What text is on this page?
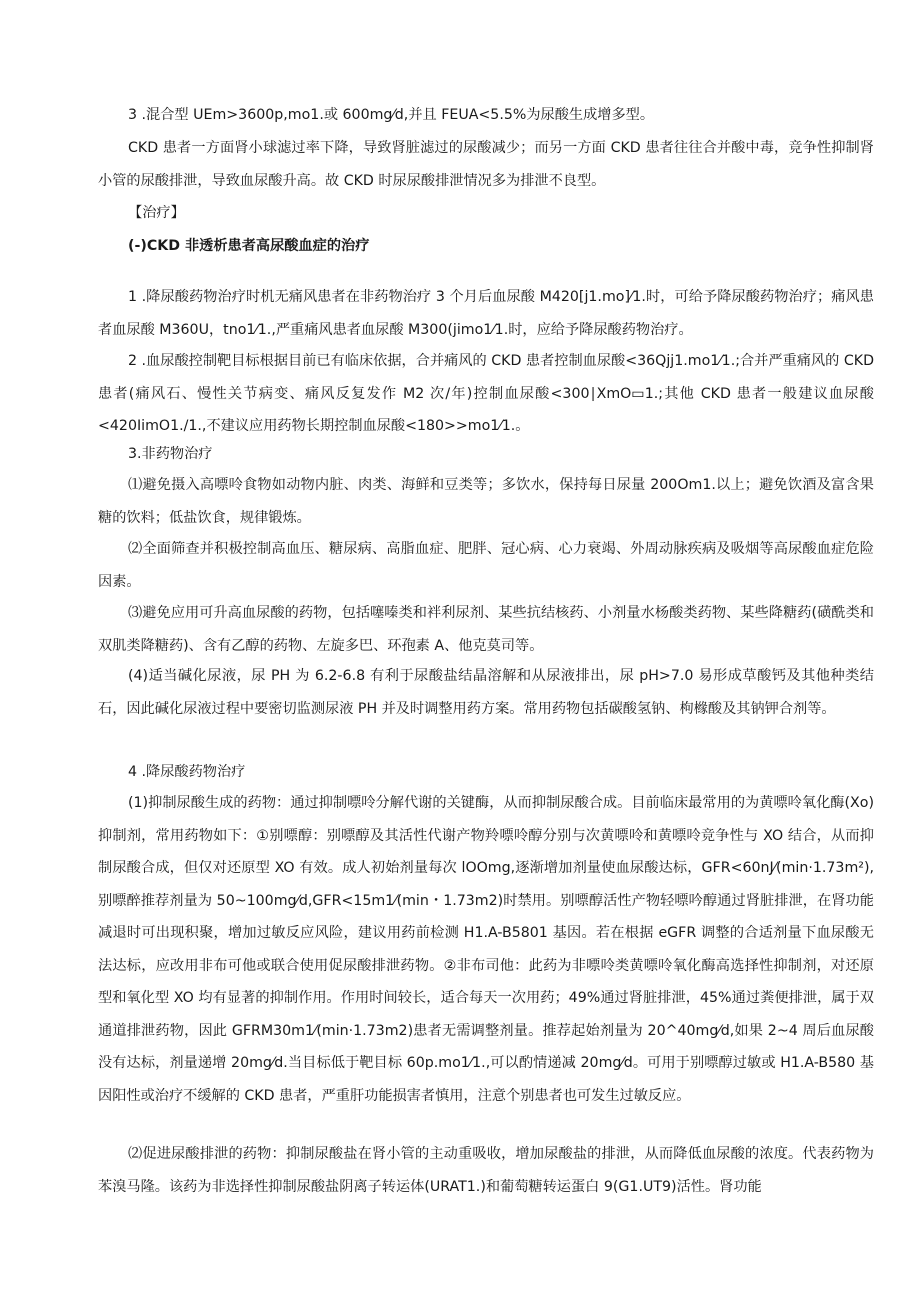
3 .混合型 UEm>3600p,mo1.或 600mg⁄d,并且 FEUA<5.5%为尿酸生成增多型。

CKD 患者一方面肾小球滤过率下降，导致肾脏滤过的尿酸减少；而另一方面 CKD 患者往往合并酸中毒，竞争性抑制肾小管的尿酸排泄，导致血尿酸升高。故 CKD 时尿尿酸排泄情况多为排泄不良型。

【治疗】

(-)CKD 非透析患者高尿酸血症的治疗

1 .降尿酸药物治疗时机无痛风患者在非药物治疗 3 个月后血尿酸 M420[j1.mo]⁄1.时，可给予降尿酸药物治疗；痛风患者血尿酸 M360U，tno1⁄1.,严重痛风患者血尿酸 M300(jimo1⁄1.时，应给予降尿酸药物治疗。

2 .血尿酸控制靶目标根据目前已有临床依据，合并痛风的 CKD 患者控制血尿酸<36Qjj1.mo1⁄1.;合并严重痛风的 CKD 患者(痛风石、慢性关节病变、痛风反复发作 M2 次/年)控制血尿酸<300∣XmO▭1.;其他 CKD 患者一般建议血尿酸<420IimO1./1.,不建议应用药物长期控制血尿酸<180>>mo1⁄1.。

3.非药物治疗

⑴避免摄入高嘌呤食物如动物内脏、肉类、海鲜和豆类等；多饮水，保持每日尿量 200Om1.以上；避免饮酒及富含果糖的饮料；低盐饮食，规律锻炼。

⑵全面筛查并积极控制高血压、糖尿病、高脂血症、肥胖、冠心病、心力衰竭、外周动脉疾病及吸烟等高尿酸血症危险因素。

⑶避免应用可升高血尿酸的药物，包括噻嗪类和袢利尿剂、某些抗结核药、小剂量水杨酸类药物、某些降糖药(磺酰类和双肌类降糖药)、含有乙醇的药物、左旋多巴、环孢素 A、他克莫司等。

(4)适当碱化尿液，尿 PH 为 6.2-6.8 有利于尿酸盐结晶溶解和从尿液排出，尿 pH>7.0 易形成草酸钙及其他种类结石，因此碱化尿液过程中要密切监测尿液 PH 并及时调整用药方案。常用药物包括碳酸氢钠、枸橼酸及其钠钾合剂等。

4 .降尿酸药物治疗

(1)抑制尿酸生成的药物：通过抑制嘌呤分解代谢的关键酶，从而抑制尿酸合成。目前临床最常用的为黄嘌呤氧化酶(Xo)抑制剂，常用药物如下：①别嘌醇：别嘌醇及其活性代谢产物羚嘌呤醇分别与次黄嘌呤和黄嘌呤竞争性与 XO 结合，从而抑制尿酸合成，但仅对还原型 XO 有效。成人初始剂量每次 lOOmg,逐渐增加剂量使血尿酸达标，GFR<60nJ⁄(min·1.73m²),别嘌醉推荐剂量为 50~100mg⁄d,GFR<15m1⁄(min・1.73m2)时禁用。别嘌醇活性产物轻嘌吟醇通过肾脏排泄，在肾功能减退时可出现积聚，增加过敏反应风险，建议用药前检测 H1.A-B5801 基因。若在根据 eGFR 调整的合适剂量下血尿酸无法达标，应改用非布可他或联合使用促尿酸排泄药物。②非布司他：此药为非嘌呤类黄嘌呤氧化酶高选择性抑制剂，对还原型和氧化型 XO 均有显著的抑制作用。作用时间较长，适合每天一次用药；49%通过肾脏排泄，45%通过粪便排泄，属于双通道排泄药物，因此 GFRM30m1⁄(min·1.73m2)患者无需调整剂量。推荐起始剂量为 20^40mg⁄d,如果 2~4 周后血尿酸没有达标，剂量递增 20mg⁄d.当目标低于靶目标 60p.mo1⁄1.,可以酌情递减 20mg⁄d。可用于别嘌醇过敏或 H1.A-B580 基因阳性或治疗不缓解的 CKD 患者，严重肝功能损害者慎用，注意个别患者也可发生过敏反应。

⑵促进尿酸排泄的药物：抑制尿酸盐在肾小管的主动重吸收，增加尿酸盐的排泄，从而降低血尿酸的浓度。代表药物为苯溴马隆。该药为非选择性抑制尿酸盐阴离子转运体(URAT1.)和葡萄糖转运蛋白 9(G1.UT9)活性。肾功能
